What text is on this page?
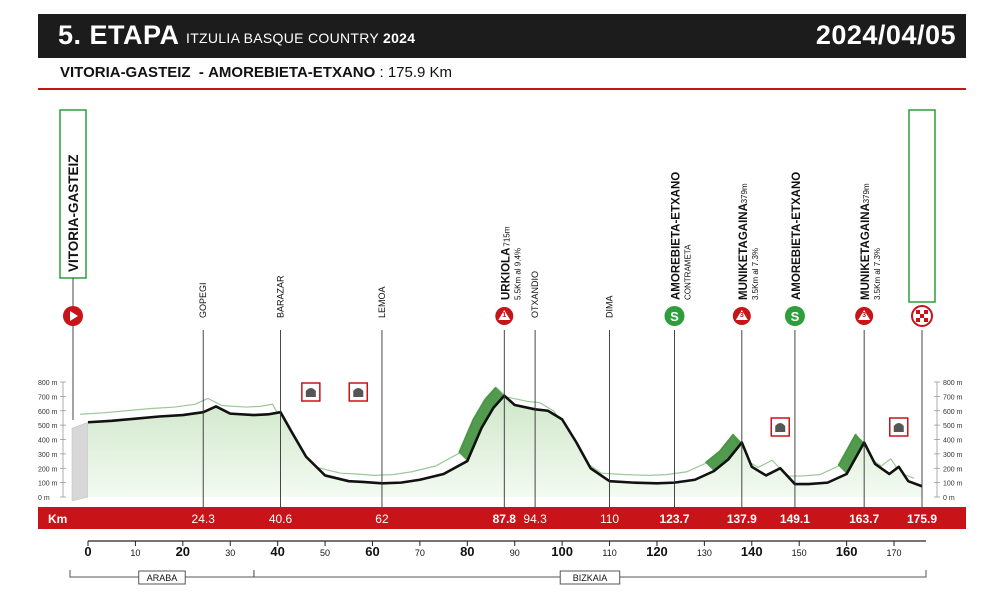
5. ETAPA ITZULIA BASQUE COUNTRY 2024	2024/04/05
VITORIA-GASTEIZ - AMOREBIETA-ETXANO : 175.9 Km
0 m	0 m
100 m	100 m
200 m	200 m
300 m	300 m
400 m	400 m
500 m	500 m
600 m	600 m
700 m	700 m
800 m	800 m
Km	24.3
GOPEGI
40.6
BARAZAR
62
LEMOA
87.8
1
URKIOLA
715m
5.5Km al 9.4%
94.3
OTXANDIO
110
DIMA
123.7
S
AMOREBIETA-ETXANO CONTRAMETA
137.9
3
MUNIKETAGAINA
379m
3.5Km al 7.3%
149.1
S
AMOREBIETA-ETXANO
163.7
3
MUNIKETAGAINA
379m
3.5Km al 7.3%
175.9
VITORIA-GASTEIZ
0	10	20	30	40	50	60	70	80	90 100	110 120	130 140	150 160	170
ARABA	BIZKAIA
